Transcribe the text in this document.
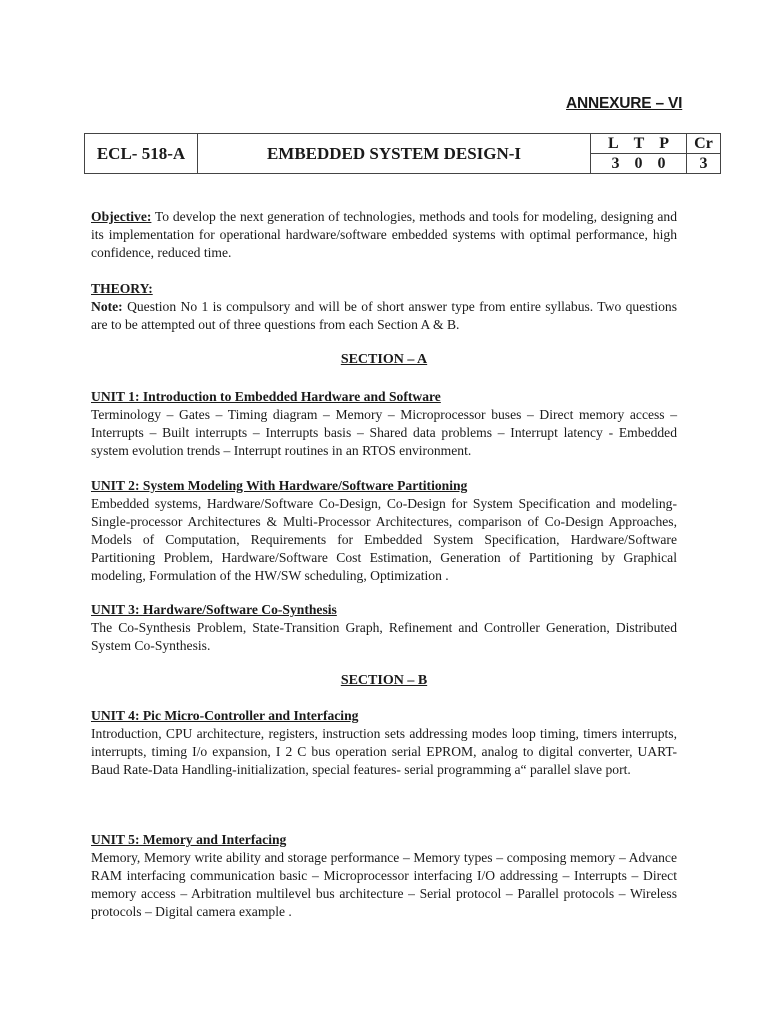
ANNEXURE – VI
ECL- 518-A	EMBEDDED SYSTEM DESIGN-I	L T P	Cr

		3 0 0	3
Objective: To develop the next generation of technologies, methods and tools for modeling, designing and its implementation for operational hardware/software embedded systems with optimal performance, high confidence, reduced time.
THEORY:
Note: Question No 1 is compulsory and will be of short answer type from entire syllabus. Two questions are to be attempted out of three questions from each Section A & B.
SECTION – A
UNIT 1: Introduction to Embedded Hardware and Software
Terminology – Gates – Timing diagram – Memory – Microprocessor buses – Direct memory access – Interrupts – Built interrupts – Interrupts basis – Shared data problems – Interrupt latency - Embedded system evolution trends – Interrupt routines in an RTOS environment.
UNIT 2: System Modeling With Hardware/Software Partitioning
Embedded systems, Hardware/Software Co-Design, Co-Design for System Specification and modeling- Single-processor Architectures & Multi-Processor Architectures, comparison of Co-Design Approaches, Models of Computation, Requirements for Embedded System Specification, Hardware/Software Partitioning Problem, Hardware/Software Cost Estimation, Generation of Partitioning by Graphical modeling, Formulation of the HW/SW scheduling, Optimization .
UNIT 3: Hardware/Software Co-Synthesis
The Co-Synthesis Problem, State-Transition Graph, Refinement and Controller Generation, Distributed System Co-Synthesis.
SECTION – B
UNIT 4: Pic Micro-Controller and Interfacing
Introduction, CPU architecture, registers, instruction sets addressing modes loop timing, timers interrupts, interrupts, timing I/o expansion, I 2 C bus operation serial EPROM, analog to digital converter, UART-Baud Rate-Data Handling-initialization, special features- serial programming a“ parallel slave port.
UNIT 5: Memory and Interfacing
Memory, Memory write ability and storage performance – Memory types – composing memory – Advance RAM interfacing communication basic – Microprocessor interfacing I/O addressing – Interrupts – Direct memory access – Arbitration multilevel bus architecture – Serial protocol – Parallel protocols – Wireless protocols – Digital camera example .
